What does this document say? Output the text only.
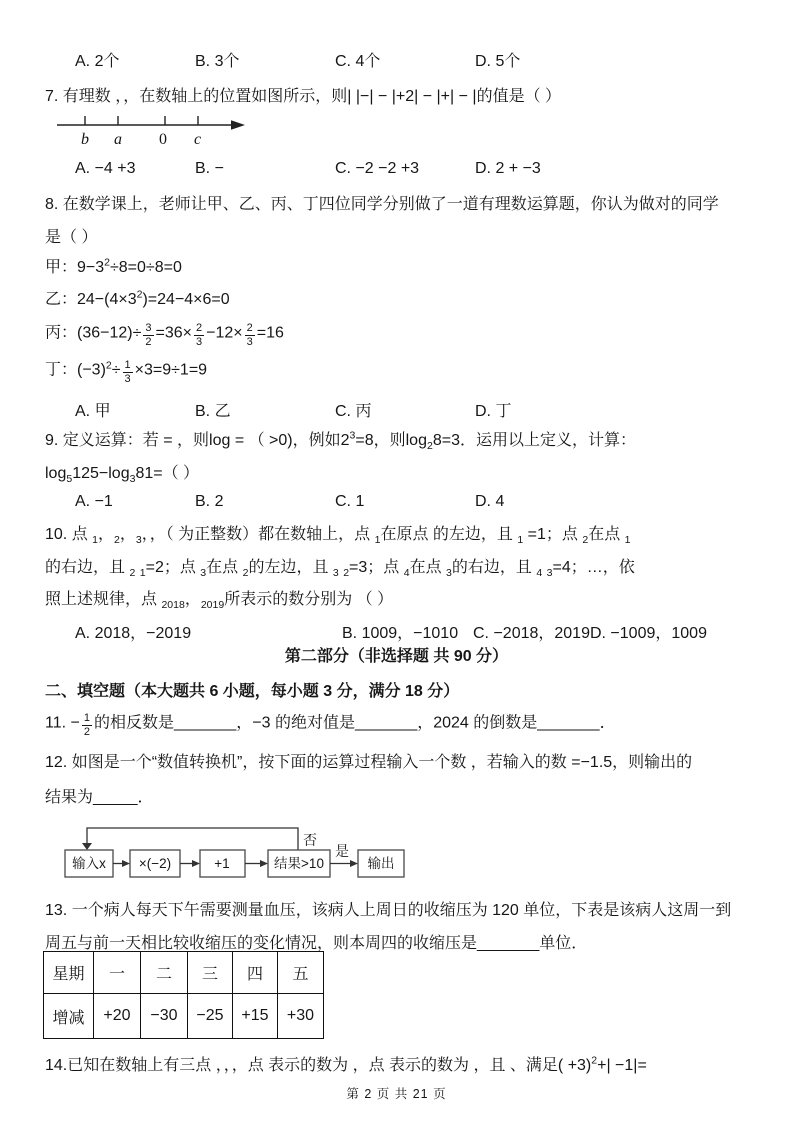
A. 2个	B. 3个	C. 4个	D. 5个
7. 有理数 ，，在数轴上的位置如图所示，则| |−| − |+2| − |+| − |的值是（ ）
b a 0 c
A. −4 +3	B. −	C. −2 −2 +3	D. 2 + −3
8. 在数学课上，老师让甲、乙、丙、丁四位同学分别做了一道有理数运算题，你认为做对的同学
是（ ）
甲：$9-3^2\div 8=0\div 8=0$
乙：$24-(4\times 3^2)=24-4\times 6=0$
丙：$(36-12)\div \frac{3}{2} =36\times \frac{2}{3} -12\times \frac{2}{3} =16$
丁：$(-3)^2\div \frac{1}{3} \times 3=9\div 1=9$
A. 甲	B. 乙	C. 丙	D. 丁
9. 定义运算：若 = ，则log = （ >0)，例如$2^3=8$，则$\log_28=3$．运用以上定义，计算：
$\log_5125-\log_381=$（ ）
A. −1	B. 2	C. 1	D. 4
10. 点 $_1$，$_2$，$_3$，，（ 为正整数）都在数轴上，点 $_1$在原点 的左边，且 $_1$ =1；点 $_2$在点 $_1$
的右边，且 $_2$ $_1$=2；点 $_3$在点 $_2$的左边，且 $_3$ $_2$=3；点 $_4$在点 $_3$的右边，且 $_4$ $_3$=4；…，依
照上述规律，点 $_{2018}$，$_{2019}$所表示的数分别为 （ ）
A. 2018，−2019	B. 1009，−1010 C. −2018，2019D. −1009，1009
第二部分（非选择题 共 90 分）
二、填空题（本大题共 6 小题，每小题 3 分，满分 18 分）
11. − $\frac{1}{2}$ 的相反数是_______，−3 的绝对值是_______，2024 的倒数是_______．
12. 如图是一个“数值转换机”，按下面的运算过程输入一个数 ，若输入的数 =−1.5，则输出的
结果为_____．
否
输入x ×(−2)	+1	结果>10	输出
是
13. 一个病人每天下午需要测量血压，该病人上周日的收缩压为 120 单位，下表是该病人这周一到
周五与前一天相比较收缩压的变化情况，则本周四的收缩压是_______单位．
星期	一	二	三	四	五
增减	+20	−30	−25	+15	+30
14.已知在数轴上有三点 ，，，点 表示的数为 ，点 表示的数为 ，且 、满足( +3)$^2$+| −1|=
第 2 页 共 21 页
